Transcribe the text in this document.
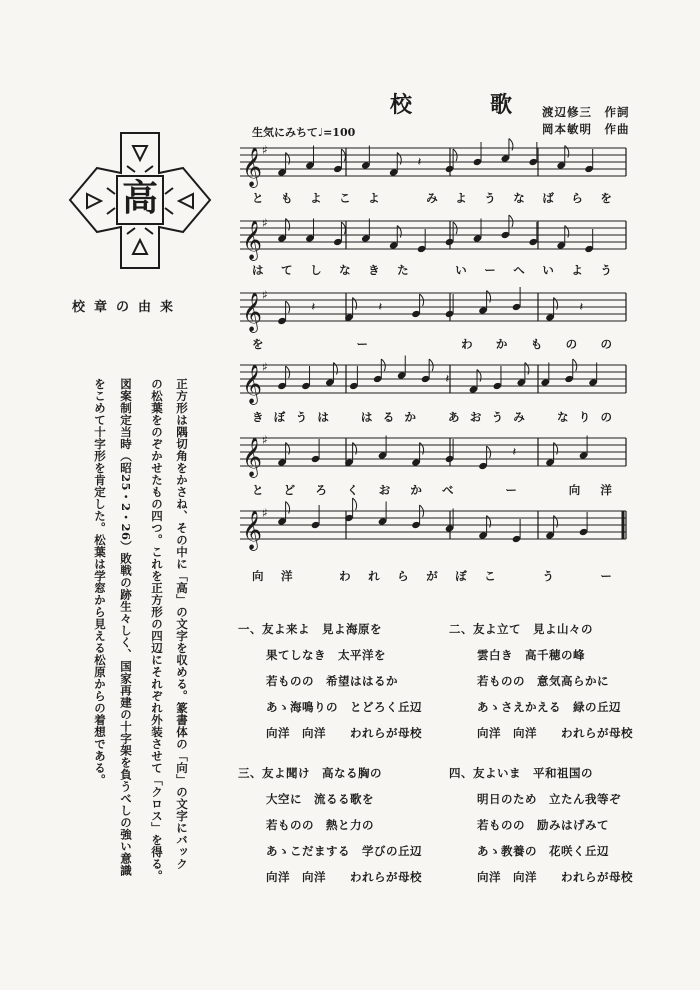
校　歌 渡辺修三　作詞
岡本敏明　作曲
生気にみちて♩=100
高
校章の由来
正方形は隅切角をかさね、その中に「高」の文字を収める。篆書体の「向」の文字にバック
の松葉をのぞかせたもの四つ。これを正方形の四辺にそれぞれ外装させて「クロス」を得る。
図案制定当時（昭25・2・26）敗戦の跡生々しく、国家再建の十字架を負うべしの強い意識
をこめて十字形を肯定した。松葉は学窓から見える松原からの着想である。
𝄞 ♯
𝄽
𝄞 ♯
𝄞 ♯
𝄽	𝄽	𝄽
𝄞 ♯
𝄽
𝄞 ♯
𝄽
𝄞 ♯
と も よ こ よ
　	み よ う な ば ら を
は て し な き た
　	い ー へ い よ う
を

　	ー

　	わ か も の の
き ぼ う は
　	は る か
　	あ お う み
　	な り の
と ど ろ く お か べ
　	ー
　	向 洋
向 洋
　	わ れ ら が ぼ こ
　	う
　	ー
一、友よ来よ　見よ海原を
果てしなき　太平洋を
若ものの　希望ははるか
あゝ海鳴りの　とどろく丘辺
向洋　向洋　　われらが母校
二、友よ立て　見よ山々の
雲白き　高千穂の峰
若ものの　意気高らかに
あゝさえかえる　緑の丘辺
向洋　向洋　　われらが母校
三、友よ聞け　高なる胸の
大空に　流るる歌を
若ものの　熱と力の
あゝこだまする　学びの丘辺
向洋　向洋　　われらが母校
四、友よいま　平和祖国の
明日のため　立たん我等ぞ
若ものの　励みはげみて
あゝ教養の　花咲く丘辺
向洋　向洋　　われらが母校
